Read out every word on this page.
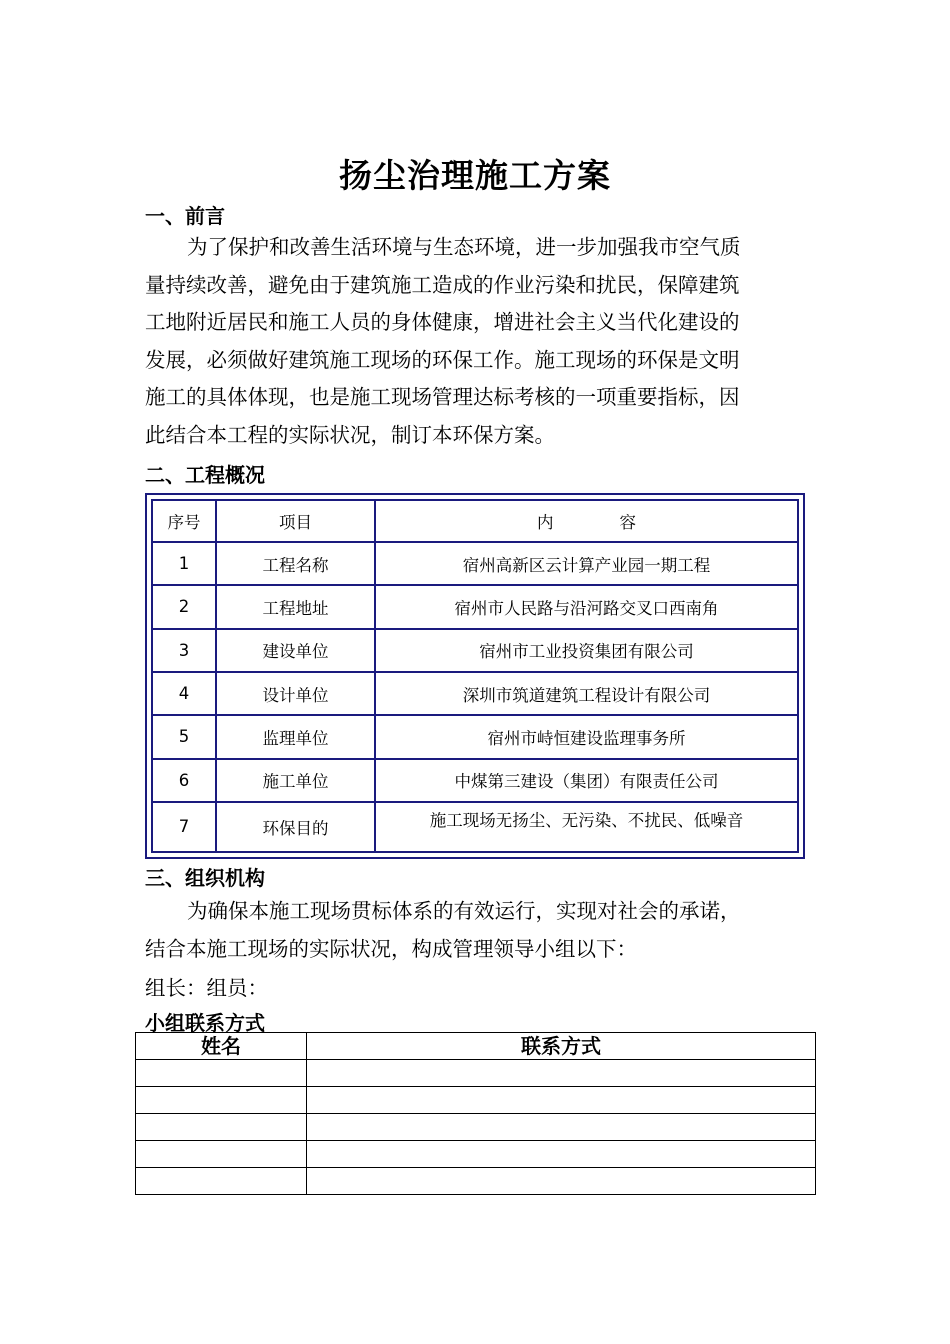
扬尘治理施工方案
一、前言
为了保护和改善生活环境与生态环境，进一步加强我市空气质
量持续改善，避免由于建筑施工造成的作业污染和扰民，保障建筑
工地附近居民和施工人员的身体健康，增进社会主义当代化建设的
发展，必须做好建筑施工现场的环保工作。施工现场的环保是文明
施工的具体体现，也是施工现场管理达标考核的一项重要指标，因
此结合本工程的实际状况，制订本环保方案。
二、工程概况
序号	项目	内　　　　容
1	工程名称	宿州高新区云计算产业园一期工程
2	工程地址	宿州市人民路与沿河路交叉口西南角
3	建设单位	宿州市工业投资集团有限公司
4	设计单位	深圳市筑道建筑工程设计有限公司
5	监理单位	宿州市峙恒建设监理事务所
6	施工单位	中煤第三建设（集团）有限责任公司
7	环保目的	施工现场无扬尘、无污染、不扰民、低噪音
三、组织机构
为确保本施工现场贯标体系的有效运行，实现对社会的承诺，
结合本施工现场的实际状况，构成管理领导小组以下：
组长：组员：
小组联系方式
姓名	联系方式
